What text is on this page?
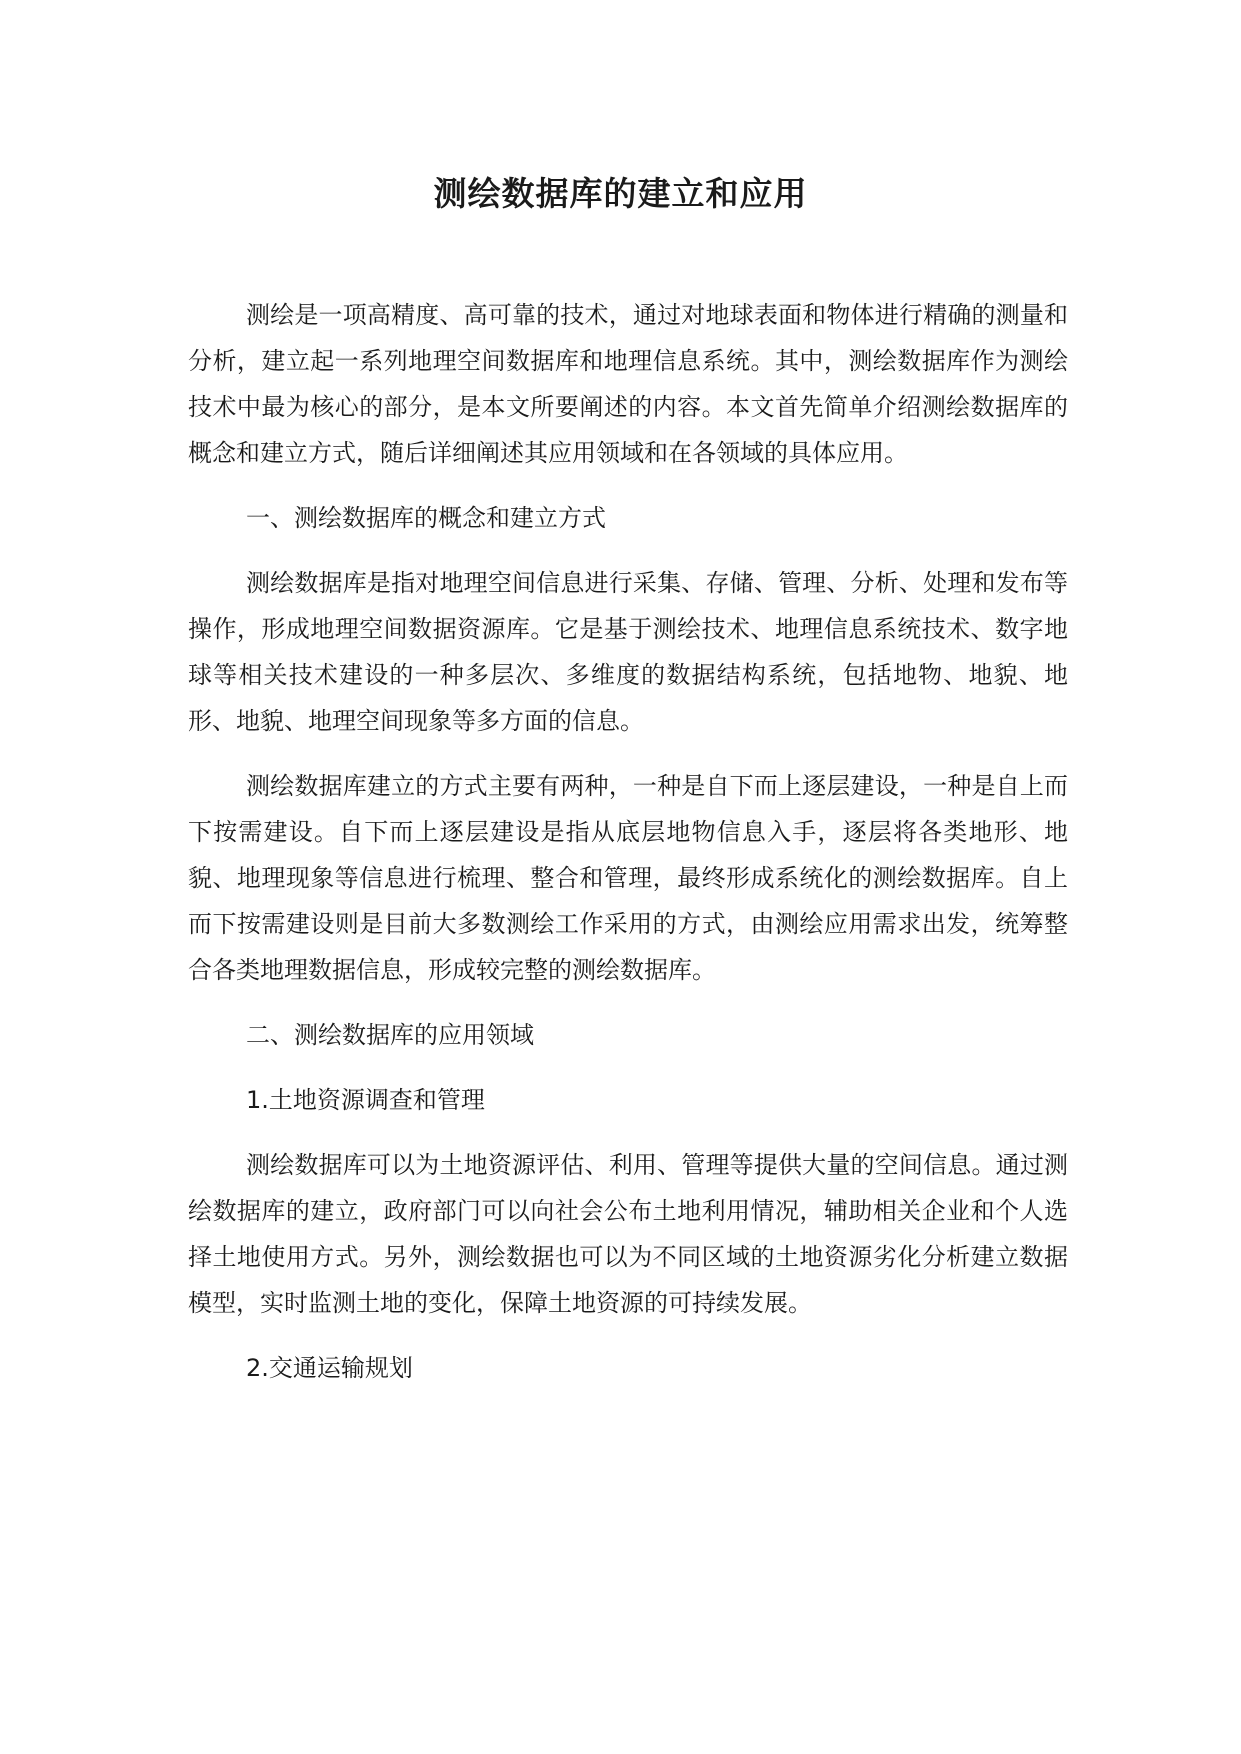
测绘数据库的建立和应用

测绘是一项高精度、高可靠的技术，通过对地球表面和物体进行精确的测量和分析，建立起一系列地理空间数据库和地理信息系统。其中，测绘数据库作为测绘技术中最为核心的部分，是本文所要阐述的内容。本文首先简单介绍测绘数据库的概念和建立方式，随后详细阐述其应用领域和在各领域的具体应用。

一、测绘数据库的概念和建立方式

测绘数据库是指对地理空间信息进行采集、存储、管理、分析、处理和发布等操作，形成地理空间数据资源库。它是基于测绘技术、地理信息系统技术、数字地球等相关技术建设的一种多层次、多维度的数据结构系统，包括地物、地貌、地形、地貌、地理空间现象等多方面的信息。

测绘数据库建立的方式主要有两种，一种是自下而上逐层建设，一种是自上而下按需建设。自下而上逐层建设是指从底层地物信息入手，逐层将各类地形、地貌、地理现象等信息进行梳理、整合和管理，最终形成系统化的测绘数据库。自上而下按需建设则是目前大多数测绘工作采用的方式，由测绘应用需求出发，统筹整合各类地理数据信息，形成较完整的测绘数据库。

二、测绘数据库的应用领域

1.土地资源调查和管理

测绘数据库可以为土地资源评估、利用、管理等提供大量的空间信息。通过测绘数据库的建立，政府部门可以向社会公布土地利用情况，辅助相关企业和个人选择土地使用方式。另外，测绘数据也可以为不同区域的土地资源劣化分析建立数据模型，实时监测土地的变化，保障土地资源的可持续发展。

2.交通运输规划
